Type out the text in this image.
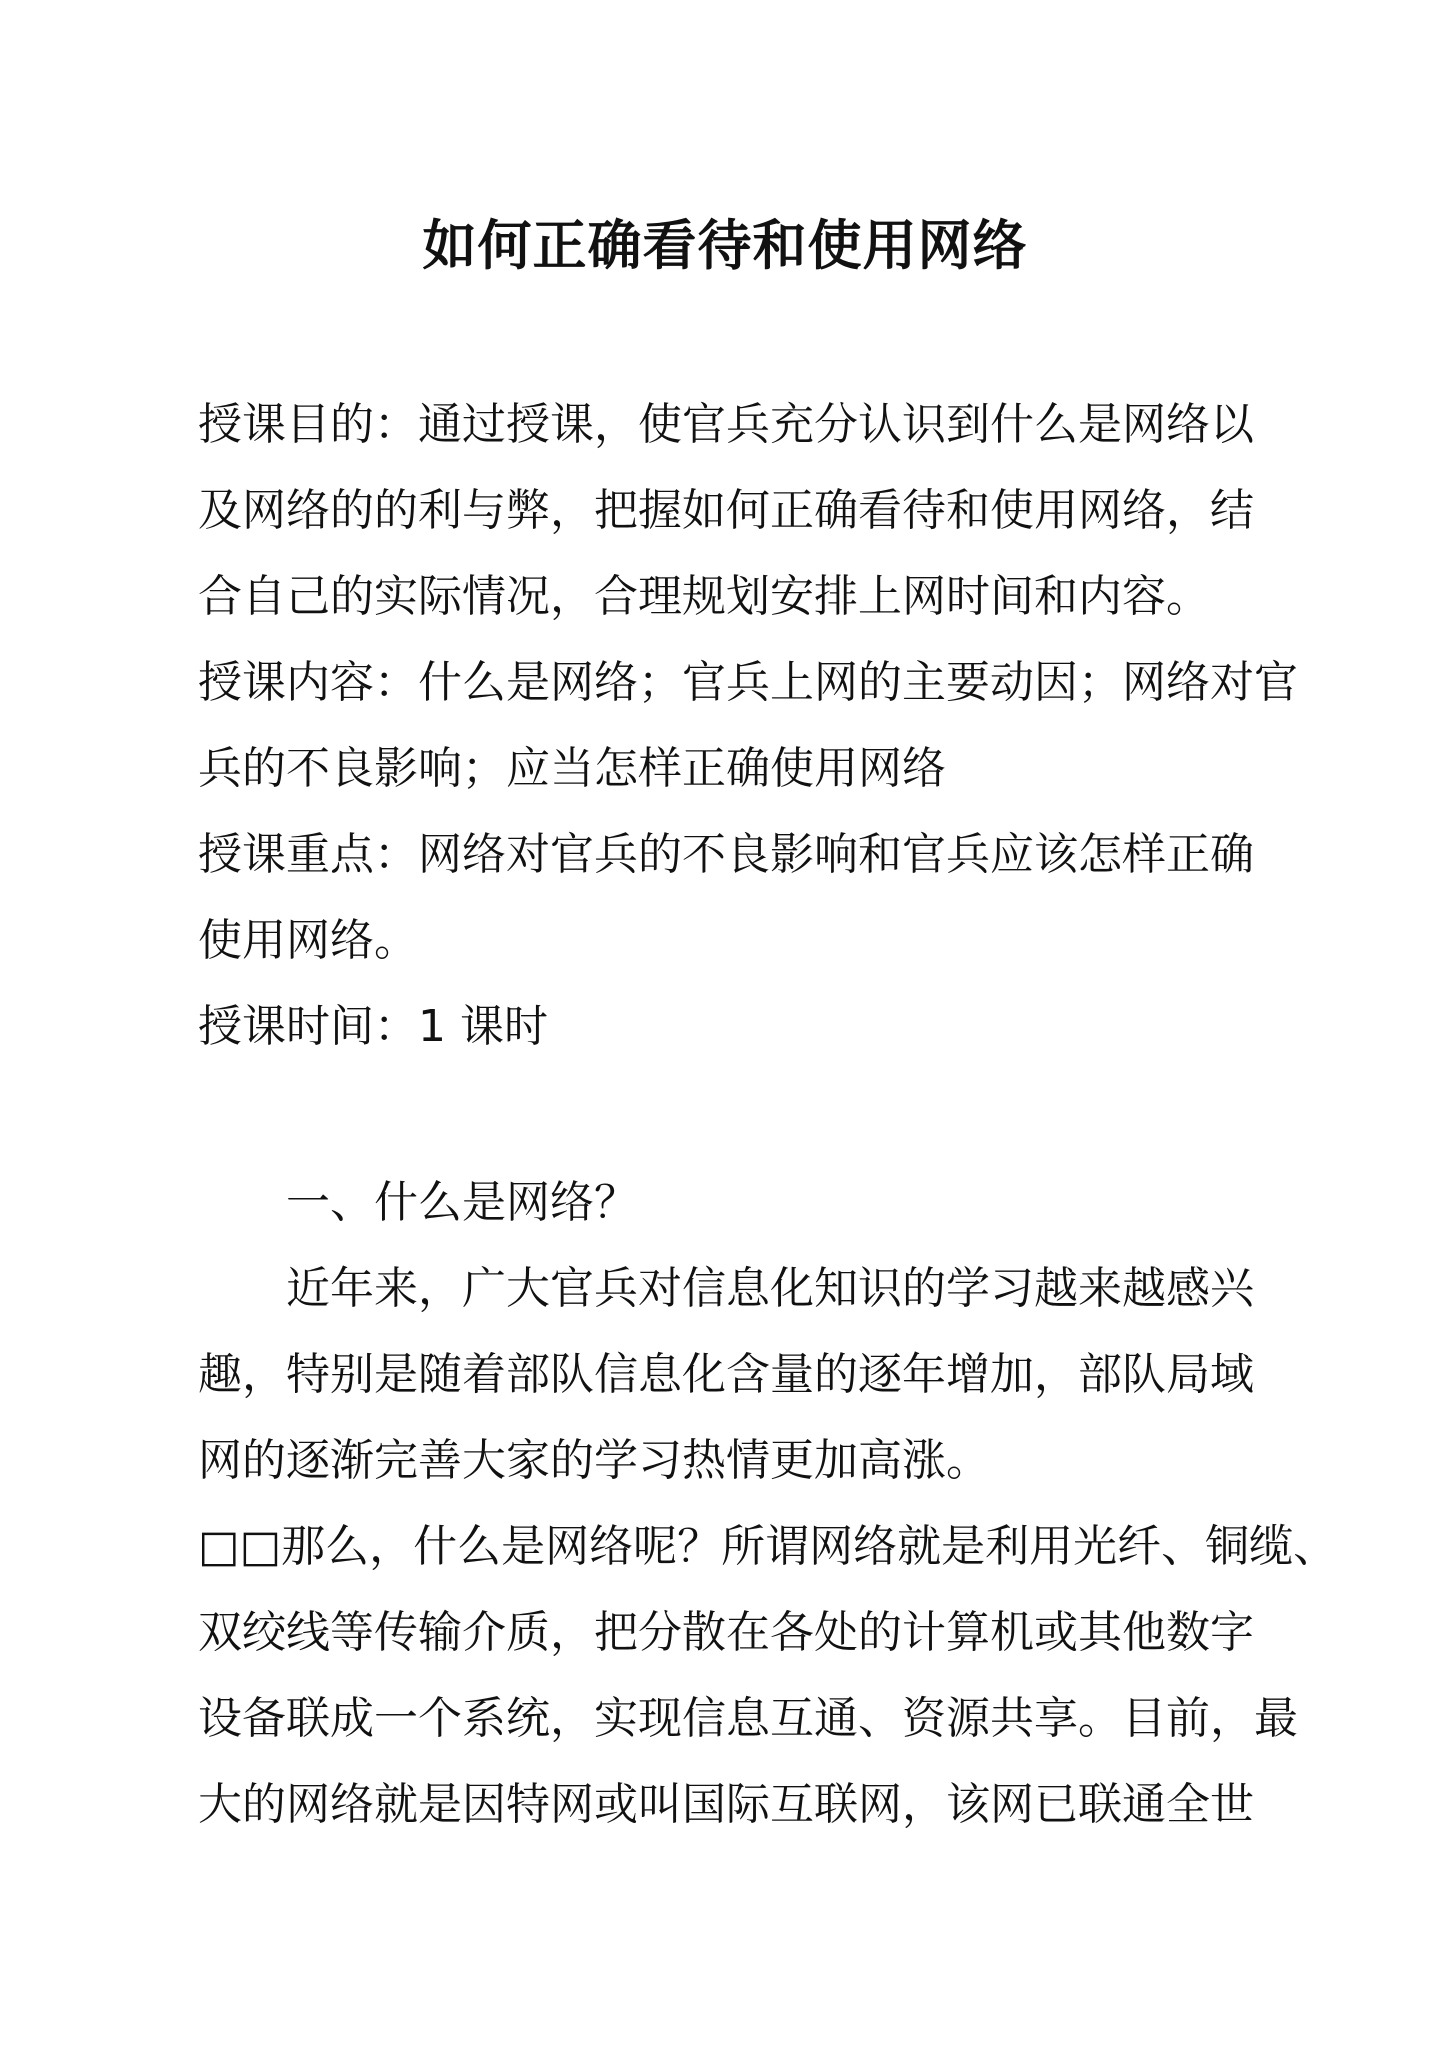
如何正确看待和使用网络
授课目的：通过授课，使官兵充分认识到什么是网络以
及网络的的利与弊，把握如何正确看待和使用网络，结
合自己的实际情况，合理规划安排上网时间和内容。
授课内容：什么是网络；官兵上网的主要动因；网络对官
兵的不良影响；应当怎样正确使用网络
授课重点：网络对官兵的不良影响和官兵应该怎样正确
使用网络。
授课时间：1 课时
一、什么是网络？
近年来，广大官兵对信息化知识的学习越来越感兴
趣，特别是随着部队信息化含量的逐年增加，部队局域
网的逐渐完善大家的学习热情更加高涨。
□□那么，什么是网络呢？所谓网络就是利用光纤、铜缆、
双绞线等传输介质，把分散在各处的计算机或其他数字
设备联成一个系统，实现信息互通、资源共享。目前，最
大的网络就是因特网或叫国际互联网，该网已联通全世
